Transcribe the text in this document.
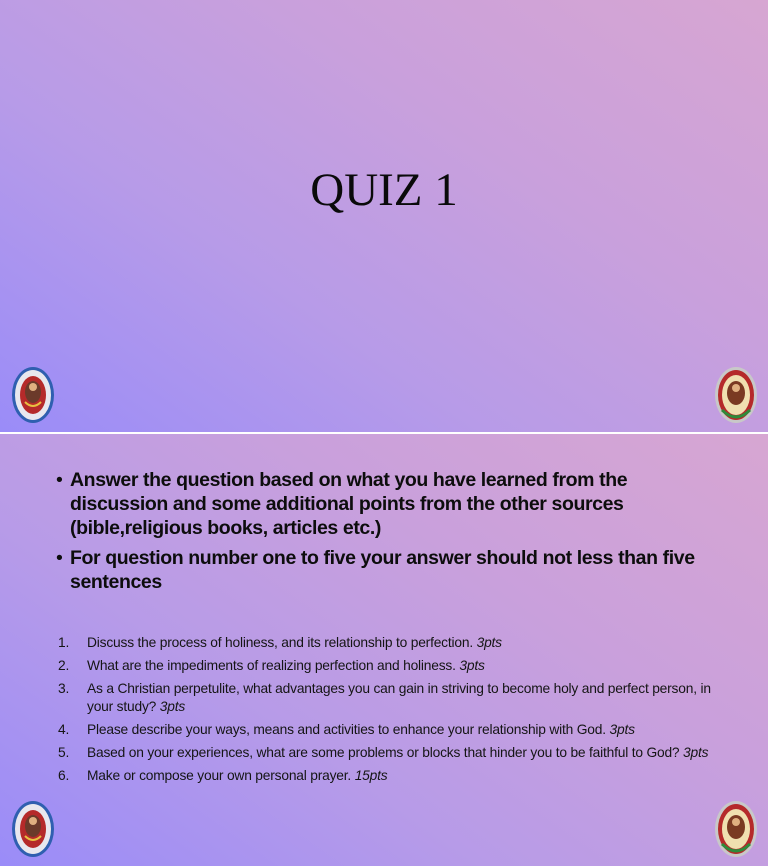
QUIZ 1
• Answer the question based on what you have learned from the discussion and some additional points from the other sources (bible,religious books, articles etc.)
• For question number one to five your answer should not less than five sentences
1. Discuss the process of holiness, and its relationship to perfection. 3pts
2. What are the impediments of realizing perfection and holiness. 3pts
3. As a Christian perpetulite, what advantages you can gain in striving to become holy and perfect person, in your study? 3pts
4. Please describe your ways, means and activities to enhance your relationship with God. 3pts
5. Based on your experiences, what are some problems or blocks that hinder you to be faithful to God? 3pts
6. Make or compose your own personal prayer. 15pts
